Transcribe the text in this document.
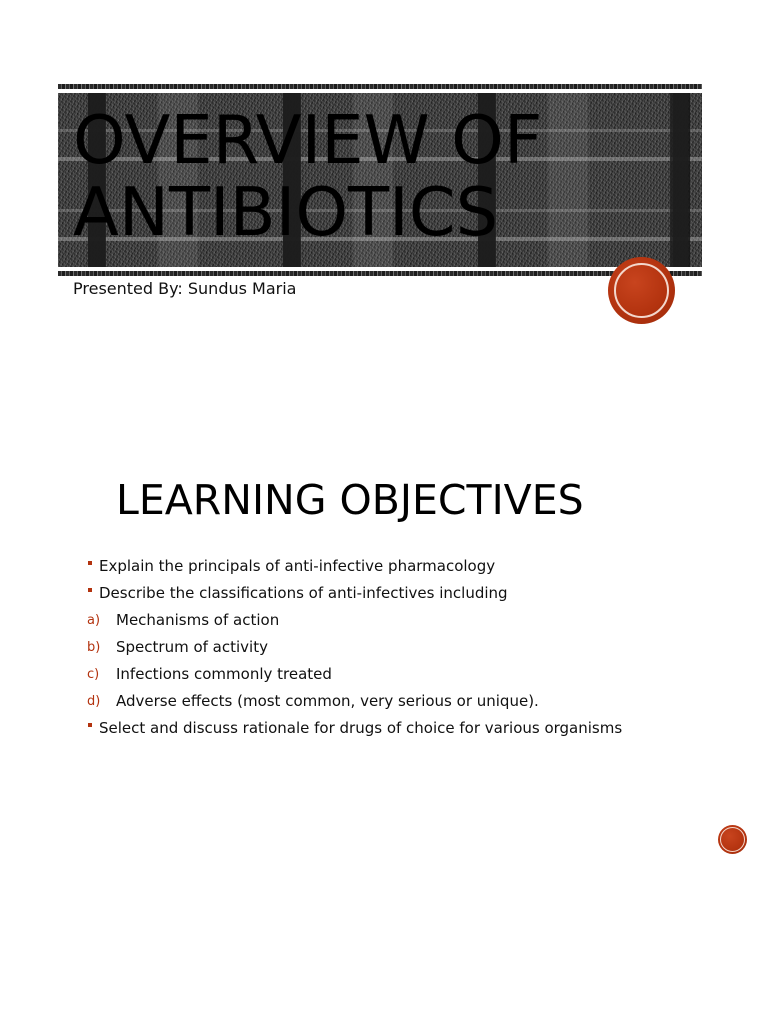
OVERVIEW OF
ANTIBIOTICS

Presented By: Sundus Maria

LEARNING OBJECTIVES
Explain the principals of anti-infective pharmacology
Describe the classifications of anti-infectives including
a) Mechanisms of action
b) Spectrum of activity
c) Infections commonly treated
d) Adverse effects (most common, very serious or unique).
Select and discuss rationale for drugs of choice for various organisms
